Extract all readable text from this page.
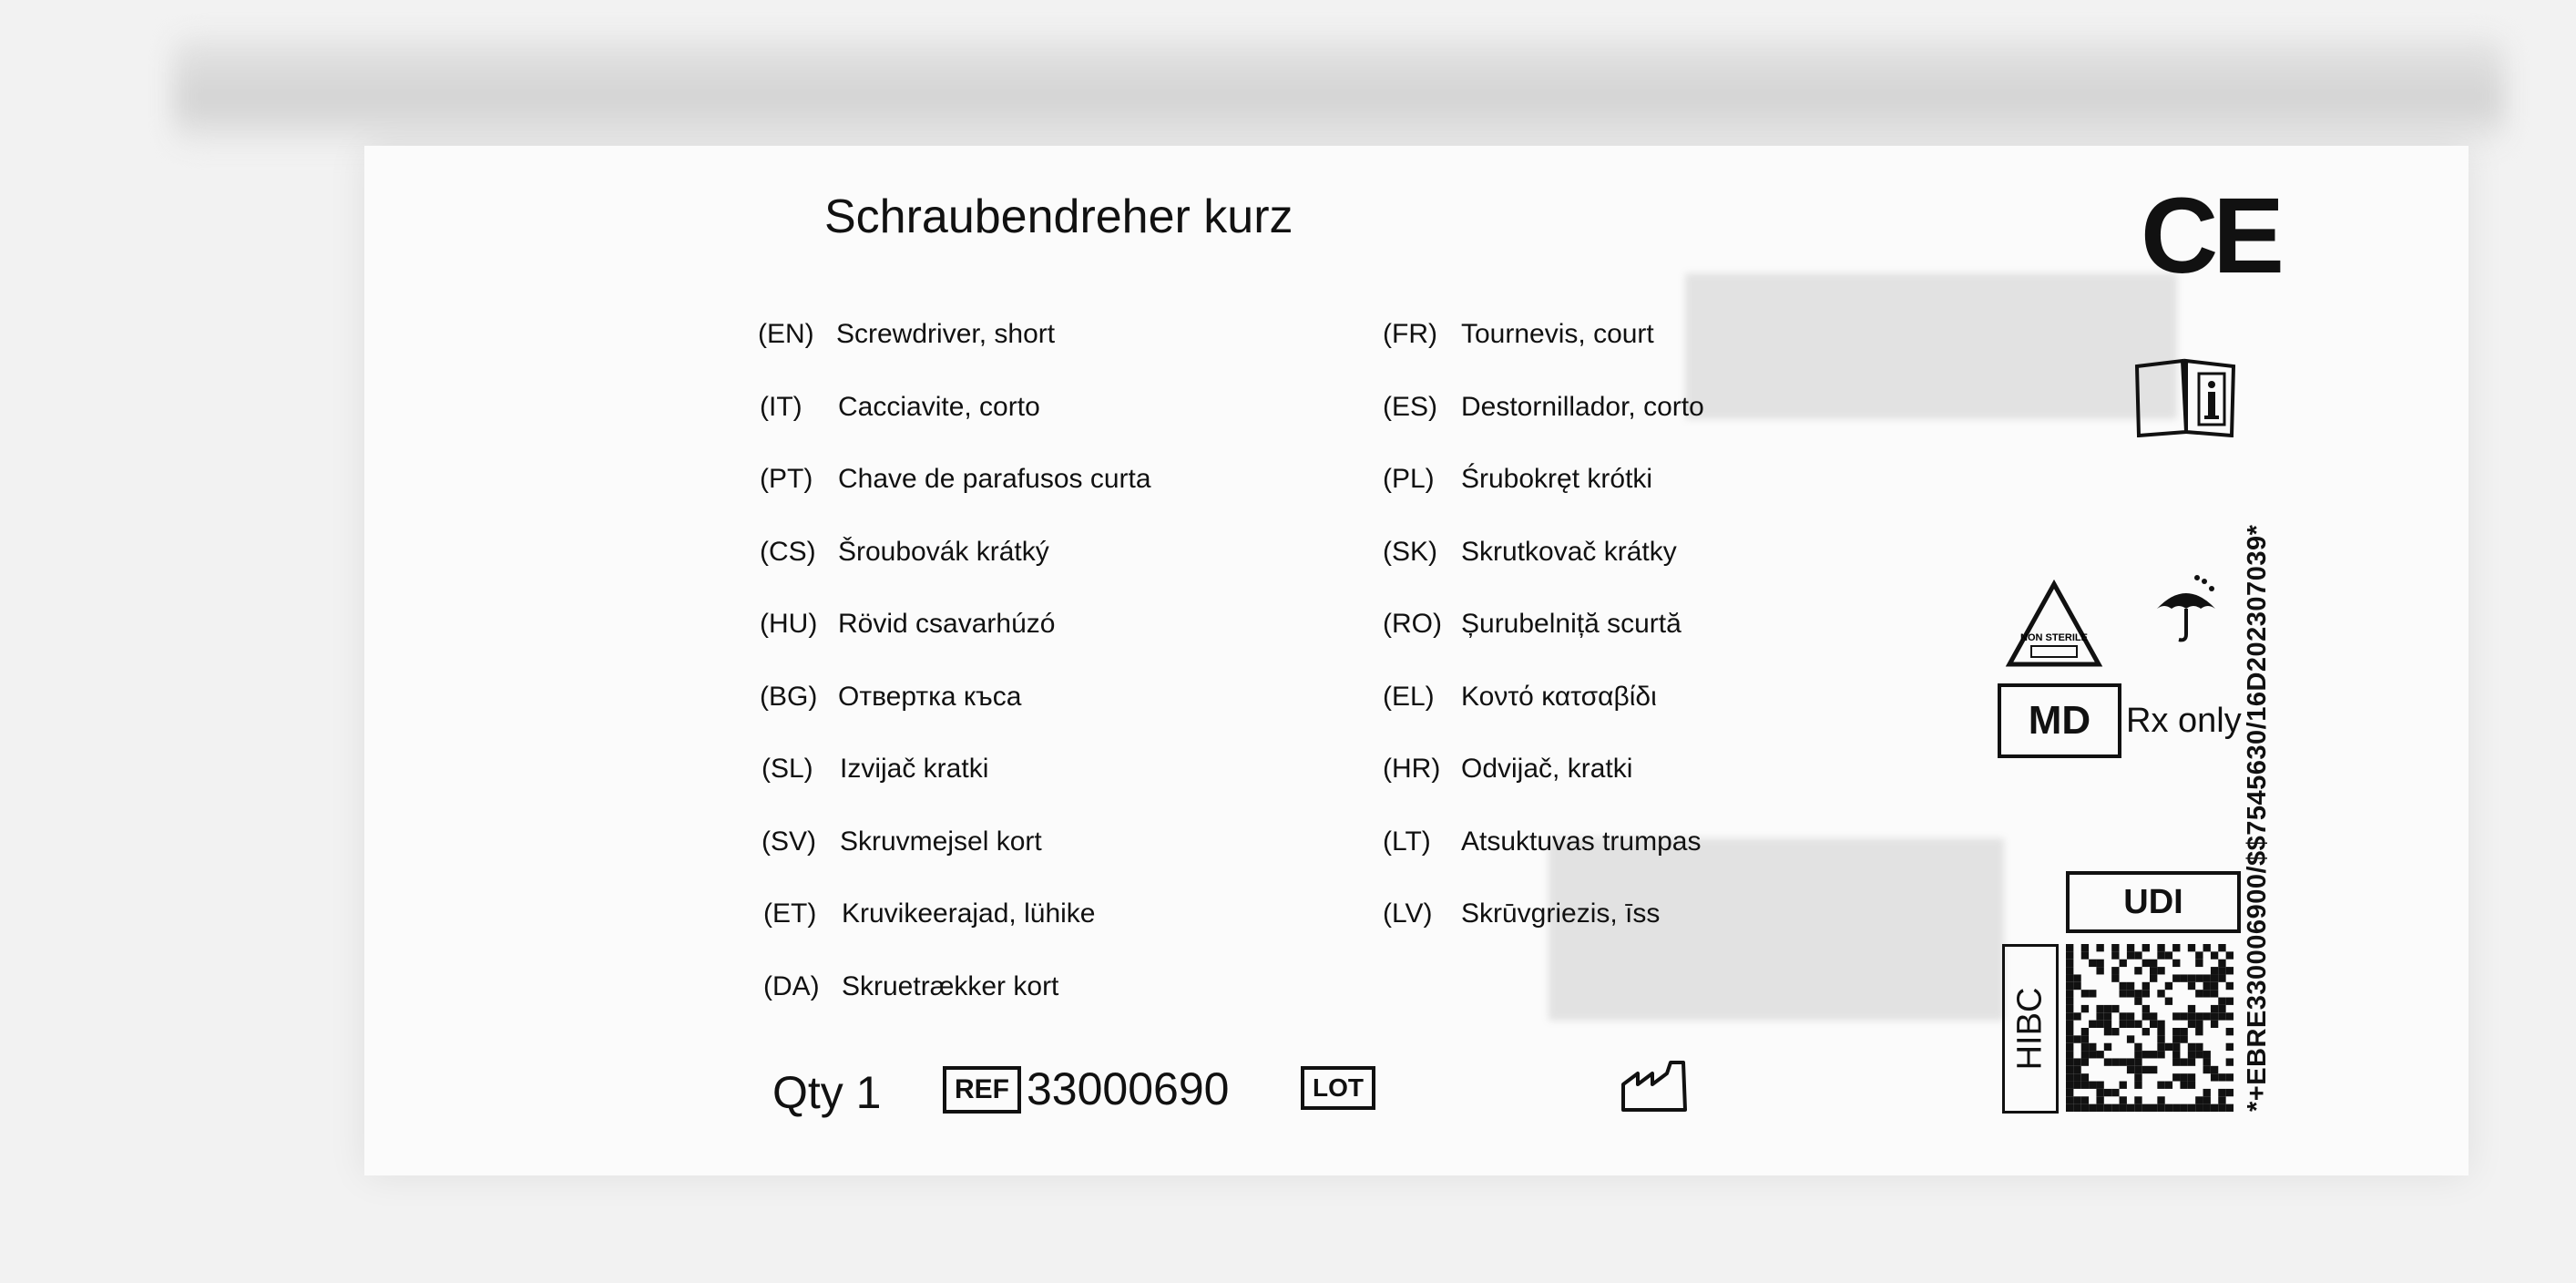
Schraubendreher kurz
(EN) Screwdriver, short
(IT)	Cacciavite, corto
(PT) Chave de parafusos curta
(CS) Šroubovák krátký
(HU) Rövid csavarhúzó
(BG) Отвертка къса
(SL) Izvijač kratki
(SV) Skruvmejsel kort
(ET) Kruvikeerajad, lühike
(DA) Skruetrækker kort
(FR) Tournevis, court
(ES) Destornillador, corto
(PL) Śrubokręt krótki
(SK) Skrutkovač krátky
(RO) Șurubelniță scurtă
(EL) Κοντό κατσαβίδι
(HR) Odvijač, kratki
(LT)	Atsuktuvas trumpas
(LV)	Skrūvgriezis, īss
CE
NON STERILE
MD	Rx only
UDI
HIBC	*+EBRE330006900/$$7545630/16D20230703​9*
Qty 1	REF 33000690	LOT
